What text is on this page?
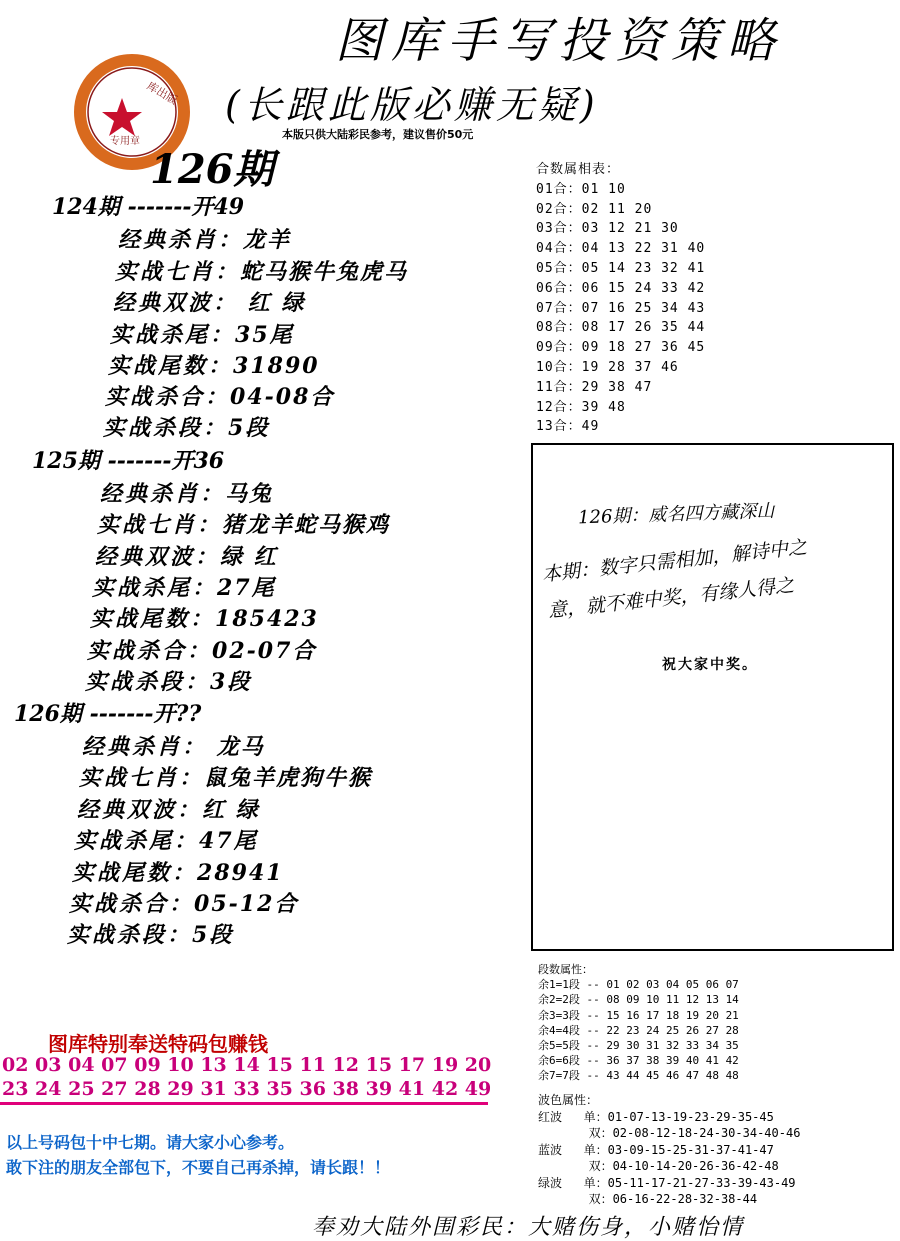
图库手写投资策略
(长跟此版必赚无疑)
本版只供大陆彩民参考，建议售价50元
库出版
专用章
126期
124期 -------开49
经典杀肖：龙羊
实战七肖：蛇马猴牛兔虎马
经典双波： 红 绿
实战杀尾：35尾
实战尾数：31890
实战杀合：04-08合
实战杀段：5段
125期 -------开36
经典杀肖：马兔
实战七肖：猪龙羊蛇马猴鸡
经典双波：绿 红
实战杀尾：27尾
实战尾数：185423
实战杀合：02-07合
实战杀段：3段
126期 -------开??
经典杀肖： 龙马
实战七肖：鼠兔羊虎狗牛猴
经典双波：红 绿
实战杀尾：47尾
实战尾数：28941
实战杀合：05-12合
实战杀段：5段
合数属相表：
01合：01 10
02合：02 11 20
03合：03 12 21 30
04合：04 13 22 31 40
05合：05 14 23 32 41
06合：06 15 24 33 42
07合：07 16 25 34 43
08合：08 17 26 35 44
09合：09 18 27 36 45
10合：19 28 37 46
11合：29 38 47
12合：39 48
13合：49
126期：威名四方藏深山
本期：数字只需相加，解诗中之
意，就不难中奖，有缘人得之
祝大家中奖。
段数属性：
余1=1段 -- 01 02 03 04 05 06 07
余2=2段 -- 08 09 10 11 12 13 14
余3=3段 -- 15 16 17 18 19 20 21
余4=4段 -- 22 23 24 25 26 27 28
余5=5段 -- 29 30 31 32 33 34 35
余6=6段 -- 36 37 38 39 40 41 42
余7=7段 -- 43 44 45 46 47 48 48
波色属性：
红波   单：01-07-13-19-23-29-35-45
双：02-08-12-18-24-30-34-40-46
蓝波   单：03-09-15-25-31-37-41-47
双：04-10-14-20-26-36-42-48
绿波   单：05-11-17-21-27-33-39-43-49
双：06-16-22-28-32-38-44
图库特别奉送特码包赚钱
02 03 04 07 09 10 13 14 15 11 12 15 17 19 20
23 24 25 27 28 29 31 33 35 36 38 39 41 42 49
以上号码包十中七期。请大家小心参考。
敢下注的朋友全部包下，不要自己再杀掉，请长跟！！
奉劝大陆外围彩民：大赌伤身，小赌怡情
